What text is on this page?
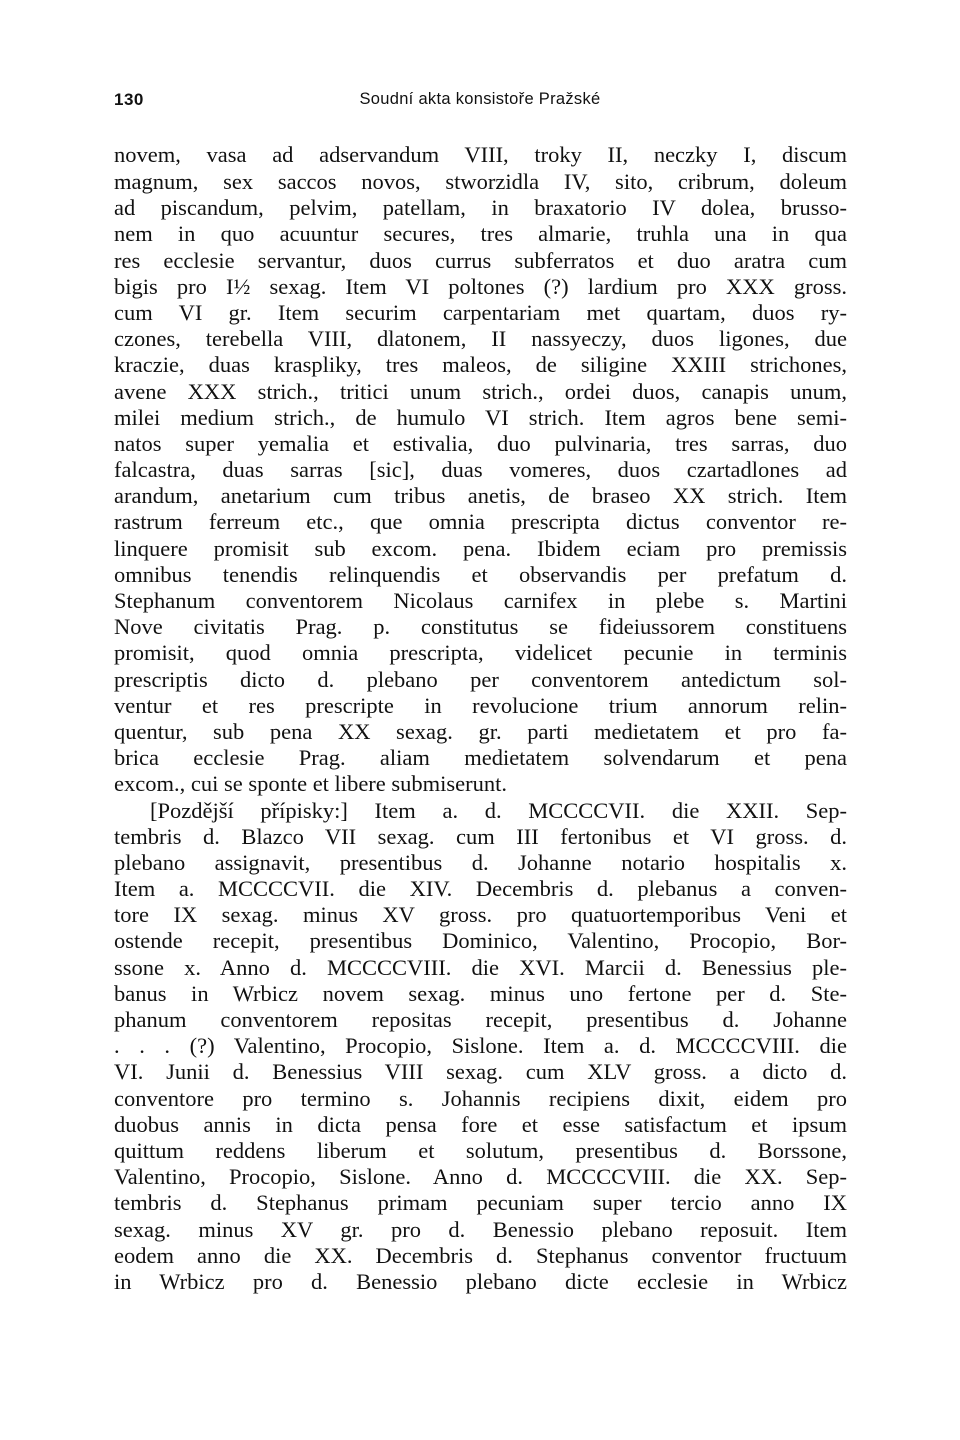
130	Soudní akta konsistoře Pražské
novem, vasa ad adservandum VIII, troky II, neczky I, discum
magnum, sex saccos novos, stworzidla IV, sito, cribrum, doleum
ad piscandum, pelvim, patellam, in braxatorio IV dolea, brusso-
nem in quo acuuntur secures, tres almarie, truhla una in qua
res ecclesie servantur, duos currus subferratos et duo aratra cum
bigis pro I½ sexag. Item VI poltones (?) lardium pro XXX gross.
cum VI gr. Item securim carpentariam met quartam, duos ry-
czones, terebella VIII, dlatonem, II nassyeczy, duos ligones, due
kraczie, duas kraspliky, tres maleos, de siligine XXIII strichones,
avene XXX strich., tritici unum strich., ordei duos, canapis unum,
milei medium strich., de humulo VI strich. Item agros bene semi-
natos super yemalia et estivalia, duo pulvinaria, tres sarras, duo
falcastra, duas sarras [sic], duas vomeres, duos czartadlones ad
arandum, anetarium cum tribus anetis, de braseo XX strich. Item
rastrum ferreum etc., que omnia prescripta dictus conventor re-
linquere promisit sub excom. pena. Ibidem eciam pro premissis
omnibus tenendis relinquendis et observandis per prefatum d.
Stephanum conventorem Nicolaus carnifex in plebe s. Martini
Nove civitatis Prag. p. constitutus se fideiussorem constituens
promisit, quod omnia prescripta, videlicet pecunie in terminis
prescriptis dicto d. plebano per conventorem antedictum sol-
ventur et res prescripte in revolucione trium annorum relin-
quentur, sub pena XX sexag. gr. parti medietatem et pro fa-
brica ecclesie Prag. aliam medietatem solvendarum et pena
excom., cui se sponte et libere submiserunt.
[Pozdější přípisky:] Item a. d. MCCCCVII. die XXII. Sep-
tembris d. Blazco VII sexag. cum III fertonibus et VI gross. d.
plebano assignavit, presentibus d. Johanne notario hospitalis x.
Item a. MCCCCVII. die XIV. Decembris d. plebanus a conven-
tore IX sexag. minus XV gross. pro quatuortemporibus Veni et
ostende recepit, presentibus Dominico, Valentino, Procopio, Bor-
ssone x. Anno d. MCCCCVIII. die XVI. Marcii d. Benessius ple-
banus in Wrbicz novem sexag. minus uno fertone per d. Ste-
phanum conventorem repositas recepit, presentibus d. Johanne
. . . (?) Valentino, Procopio, Sislone. Item a. d. MCCCCVIII. die
VI. Junii d. Benessius VIII sexag. cum XLV gross. a dicto d.
conventore pro termino s. Johannis recipiens dixit, eidem pro
duobus annis in dicta pensa fore et esse satisfactum et ipsum
quittum reddens liberum et solutum, presentibus d. Borssone,
Valentino, Procopio, Sislone. Anno d. MCCCCVIII. die XX. Sep-
tembris d. Stephanus primam pecuniam super tercio anno IX
sexag. minus XV gr. pro d. Benessio plebano reposuit. Item
eodem anno die XX. Decembris d. Stephanus conventor fructuum
in Wrbicz pro d. Benessio plebano dicte ecclesie in Wrbicz
